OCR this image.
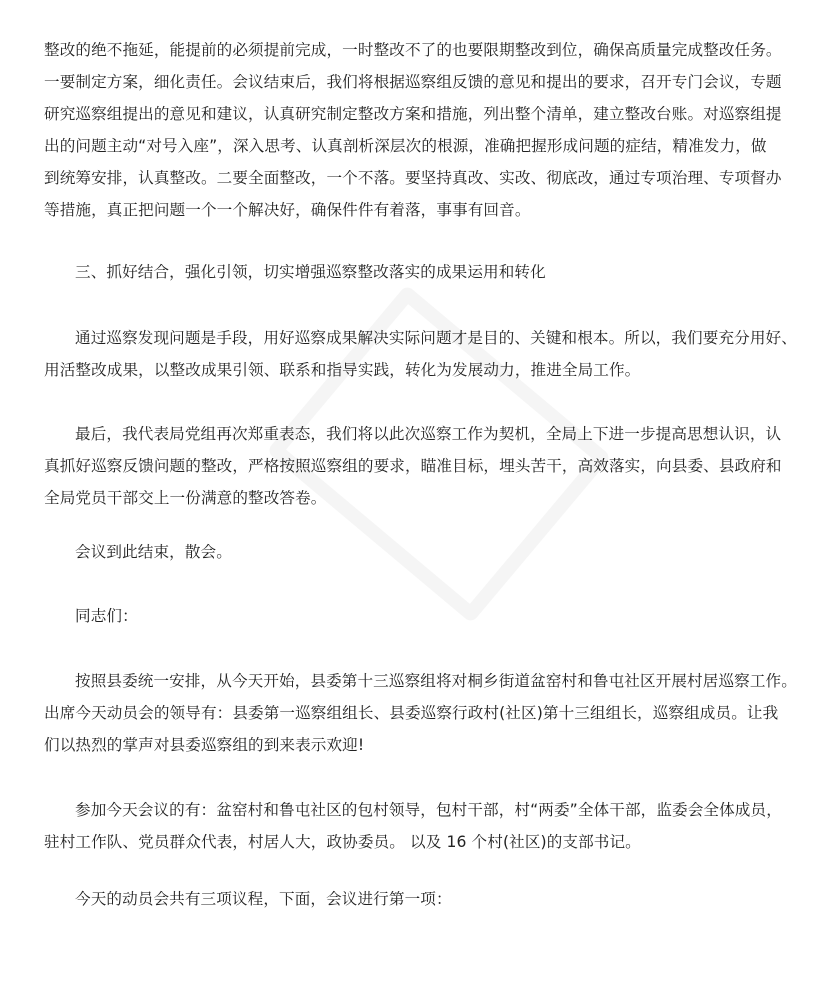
整改的绝不拖延，能提前的必须提前完成，一时整改不了的也要限期整改到位，确保高质量完成整改任务。
一要制定方案，细化责任。会议结束后，我们将根据巡察组反馈的意见和提出的要求，召开专门会议，专题
研究巡察组提出的意见和建议，认真研究制定整改方案和措施，列出整个清单，建立整改台账。对巡察组提
出的问题主动“对号入座”，深入思考、认真剖析深层次的根源，准确把握形成问题的症结，精准发力，做
到统筹安排，认真整改。二要全面整改，一个不落。要坚持真改、实改、彻底改，通过专项治理、专项督办
等措施，真正把问题一个一个解决好，确保件件有着落，事事有回音。
三、抓好结合，强化引领，切实增强巡察整改落实的成果运用和转化
通过巡察发现问题是手段，用好巡察成果解决实际问题才是目的、关键和根本。所以，我们要充分用好、
用活整改成果，以整改成果引领、联系和指导实践，转化为发展动力，推进全局工作。
最后，我代表局党组再次郑重表态，我们将以此次巡察工作为契机，全局上下进一步提高思想认识，认
真抓好巡察反馈问题的整改，严格按照巡察组的要求，瞄准目标，埋头苦干，高效落实，向县委、县政府和
全局党员干部交上一份满意的整改答卷。
会议到此结束，散会。
同志们：
按照县委统一安排，从今天开始，县委第十三巡察组将对桐乡街道盆窑村和鲁屯社区开展村居巡察工作。
出席今天动员会的领导有：县委第一巡察组组长、县委巡察行政村(社区)第十三组组长，巡察组成员。让我
们以热烈的掌声对县委巡察组的到来表示欢迎!
参加今天会议的有：盆窑村和鲁屯社区的包村领导，包村干部，村“两委”全体干部，监委会全体成员，
驻村工作队、党员群众代表，村居人大，政协委员。 以及 16 个村(社区)的支部书记。
今天的动员会共有三项议程，下面，会议进行第一项：
